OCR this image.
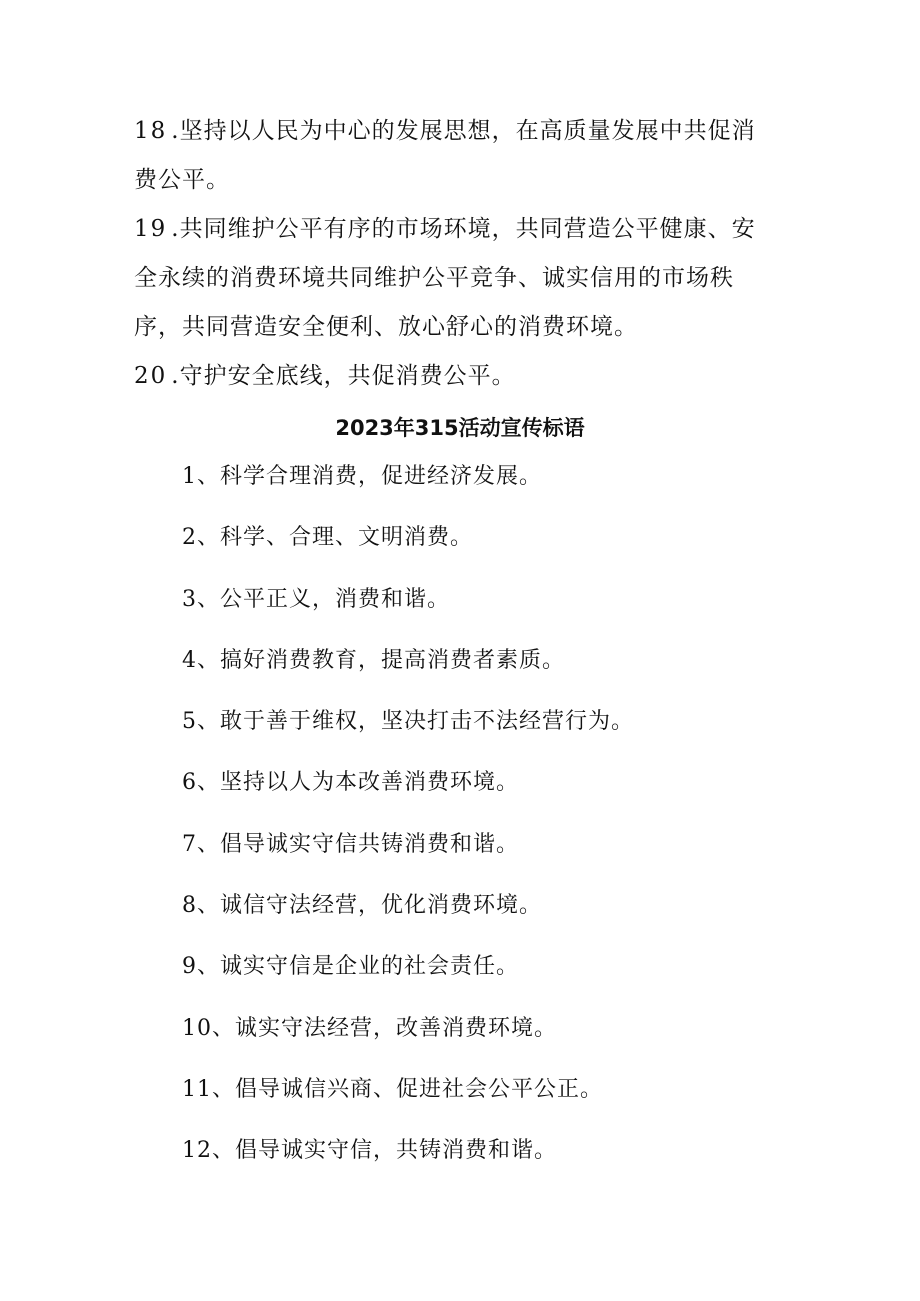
18 .坚持以人民为中心的发展思想，在高质量发展中共促消费公平。

19 .共同维护公平有序的市场环境，共同营造公平健康、安全永续的消费环境共同维护公平竞争、诚实信用的市场秩序，共同营造安全便利、放心舒心的消费环境。

20 .守护安全底线，共促消费公平。

2023年315活动宣传标语
1、科学合理消费，促进经济发展。
2、科学、合理、文明消费。
3、公平正义，消费和谐。
4、搞好消费教育，提高消费者素质。
5、敢于善于维权，坚决打击不法经营行为。
6、坚持以人为本改善消费环境。
7、倡导诚实守信共铸消费和谐。
8、诚信守法经营，优化消费环境。
9、诚实守信是企业的社会责任。
10、诚实守法经营，改善消费环境。
11、倡导诚信兴商、促进社会公平公正。
12、倡导诚实守信，共铸消费和谐。
